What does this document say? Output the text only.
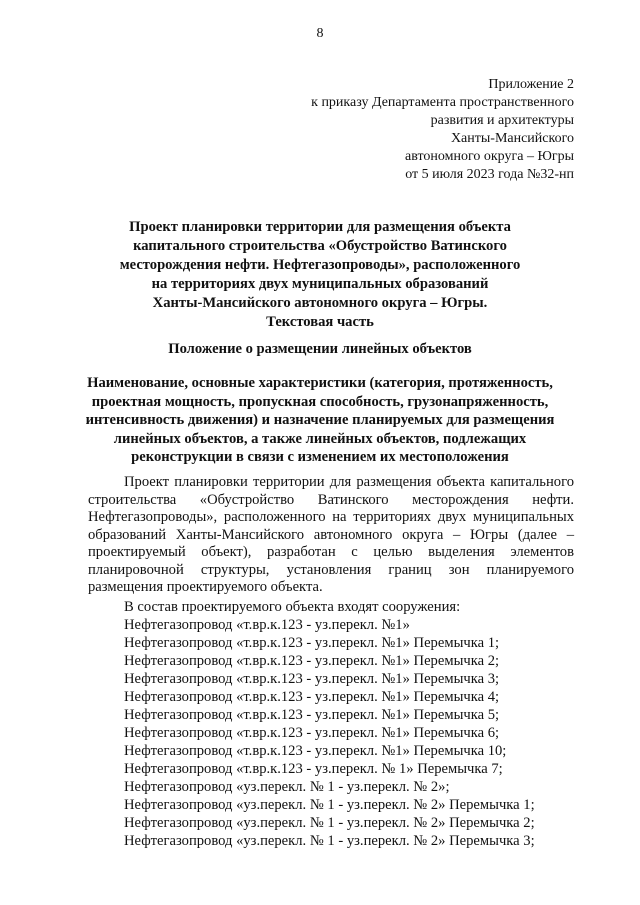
8
Приложение 2
к приказу Департамента пространственного
развития и архитектуры
Ханты-Мансийского
автономного округа – Югры
от 5 июля 2023 года №32-нп
Проект планировки территории для размещения объекта
капитального строительства «Обустройство Ватинского
месторождения нефти. Нефтегазопроводы», расположенного
на территориях двух муниципальных образований
Ханты-Мансийского автономного округа – Югры.
Текстовая часть
Положение о размещении линейных объектов
Наименование, основные характеристики (категория, протяженность,
проектная мощность, пропускная способность, грузонапряженность,
интенсивность движения) и назначение планируемых для размещения
линейных объектов, а также линейных объектов, подлежащих
реконструкции в связи с изменением их местоположения

Проект планировки территории для размещения объекта капитального строительства «Обустройство Ватинского месторождения нефти. Нефтегазопроводы», расположенного на территориях двух муниципальных образований Ханты-Мансийского автономного округа – Югры (далее – проектируемый объект), разработан с целью выделения элементов планировочной структуры, установления границ зон планируемого размещения проектируемого объекта.

В состав проектируемого объекта входят сооружения:
Нефтегазопровод «т.вр.к.123 - уз.перекл. №1»
Нефтегазопровод «т.вр.к.123 - уз.перекл. №1» Перемычка 1;
Нефтегазопровод «т.вр.к.123 - уз.перекл. №1» Перемычка 2;
Нефтегазопровод «т.вр.к.123 - уз.перекл. №1» Перемычка 3;
Нефтегазопровод «т.вр.к.123 - уз.перекл. №1» Перемычка 4;
Нефтегазопровод «т.вр.к.123 - уз.перекл. №1» Перемычка 5;
Нефтегазопровод «т.вр.к.123 - уз.перекл. №1» Перемычка 6;
Нефтегазопровод «т.вр.к.123 - уз.перекл. №1» Перемычка 10;
Нефтегазопровод «т.вр.к.123 - уз.перекл. № 1» Перемычка 7;
Нефтегазопровод «уз.перекл. № 1 - уз.перекл. № 2»;
Нефтегазопровод «уз.перекл. № 1 - уз.перекл. № 2» Перемычка 1;
Нефтегазопровод «уз.перекл. № 1 - уз.перекл. № 2» Перемычка 2;
Нефтегазопровод «уз.перекл. № 1 - уз.перекл. № 2» Перемычка 3;
